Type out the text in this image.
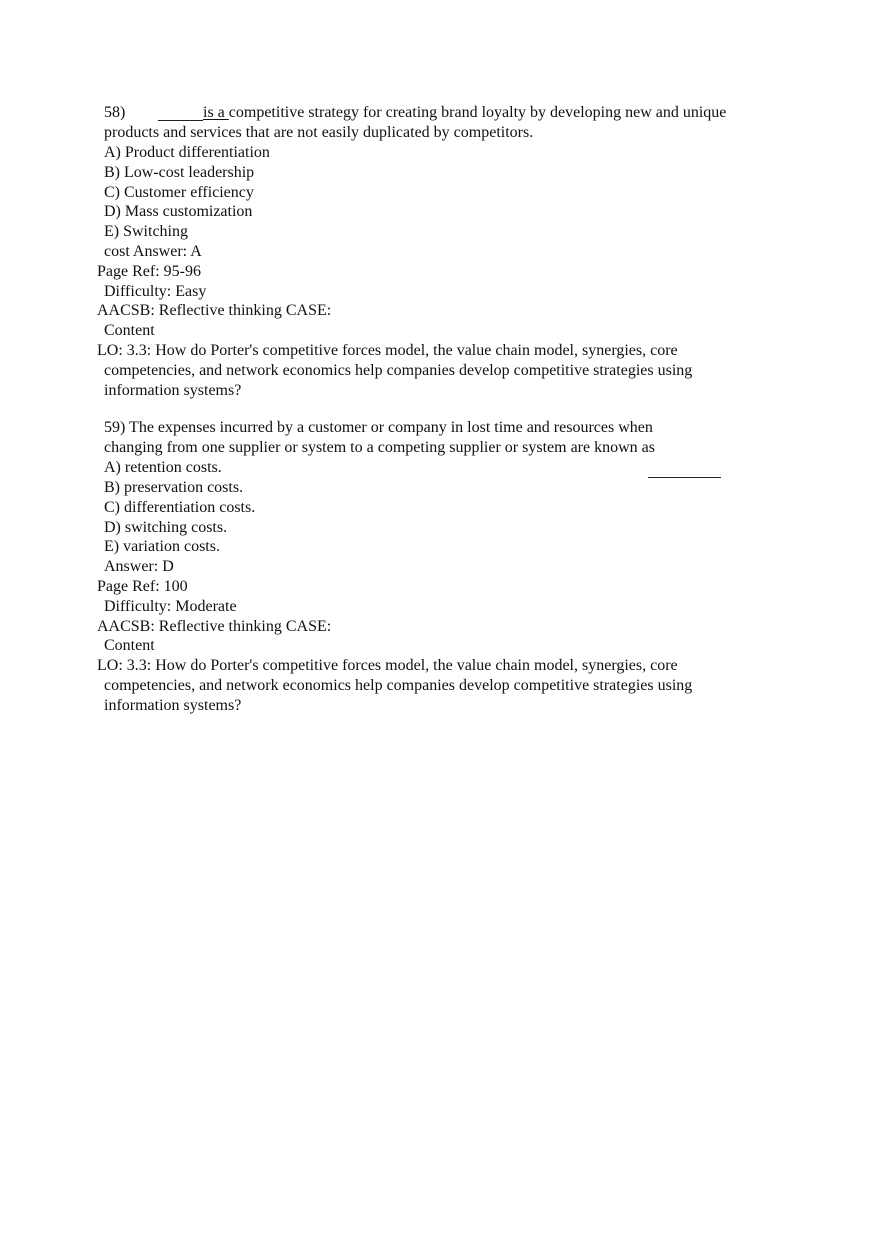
58)	is a competitive strategy for creating brand loyalty by developing new and unique
products and services that are not easily duplicated by competitors.
A) Product differentiation
B) Low-cost leadership
C) Customer efficiency
D) Mass customization
E) Switching
cost Answer: A
Page Ref: 95-96
Difficulty: Easy
AACSB: Reflective thinking CASE:
Content
LO: 3.3: How do Porter's competitive forces model, the value chain model, synergies, core
competencies, and network economics help companies develop competitive strategies using
information systems?
59) The expenses incurred by a customer or company in lost time and resources when
changing from one supplier or system to a competing supplier or system are known as
A) retention costs.
B) preservation costs.
C) differentiation costs.
D) switching costs.
E) variation costs.
Answer: D
Page Ref: 100
Difficulty: Moderate
AACSB: Reflective thinking CASE:
Content
LO: 3.3: How do Porter's competitive forces model, the value chain model, synergies, core
competencies, and network economics help companies develop competitive strategies using
information systems?
